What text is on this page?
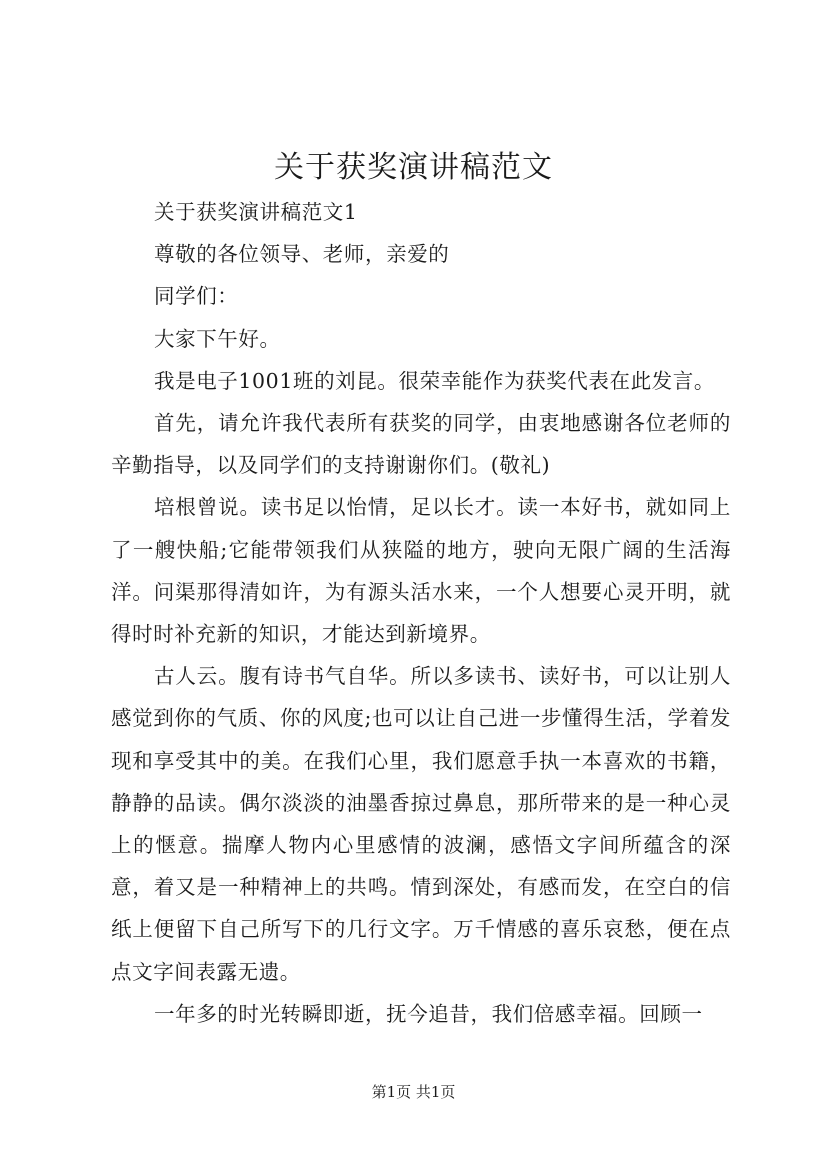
关于获奖演讲稿范文

关于获奖演讲稿范文1

尊敬的各位领导、老师，亲爱的

同学们：

大家下午好。

我是电子1001班的刘昆。很荣幸能作为获奖代表在此发言。

首先，请允许我代表所有获奖的同学，由衷地感谢各位老师的辛勤指导，以及同学们的支持谢谢你们。(敬礼)

培根曾说。读书足以怡情，足以长才。读一本好书，就如同上了一艘快船;它能带领我们从狭隘的地方，驶向无限广阔的生活海洋。问渠那得清如许，为有源头活水来，一个人想要心灵开明，就得时时补充新的知识，才能达到新境界。

古人云。腹有诗书气自华。所以多读书、读好书，可以让别人感觉到你的气质、你的风度;也可以让自己进一步懂得生活，学着发现和享受其中的美。在我们心里，我们愿意手执一本喜欢的书籍，静静的品读。偶尔淡淡的油墨香掠过鼻息，那所带来的是一种心灵上的惬意。揣摩人物内心里感情的波澜，感悟文字间所蕴含的深意，着又是一种精神上的共鸣。情到深处，有感而发，在空白的信纸上便留下自己所写下的几行文字。万千情感的喜乐哀愁，便在点点文字间表露无遗。

一年多的时光转瞬即逝，抚今追昔，我们倍感幸福。回顾一

第1页 共1页
